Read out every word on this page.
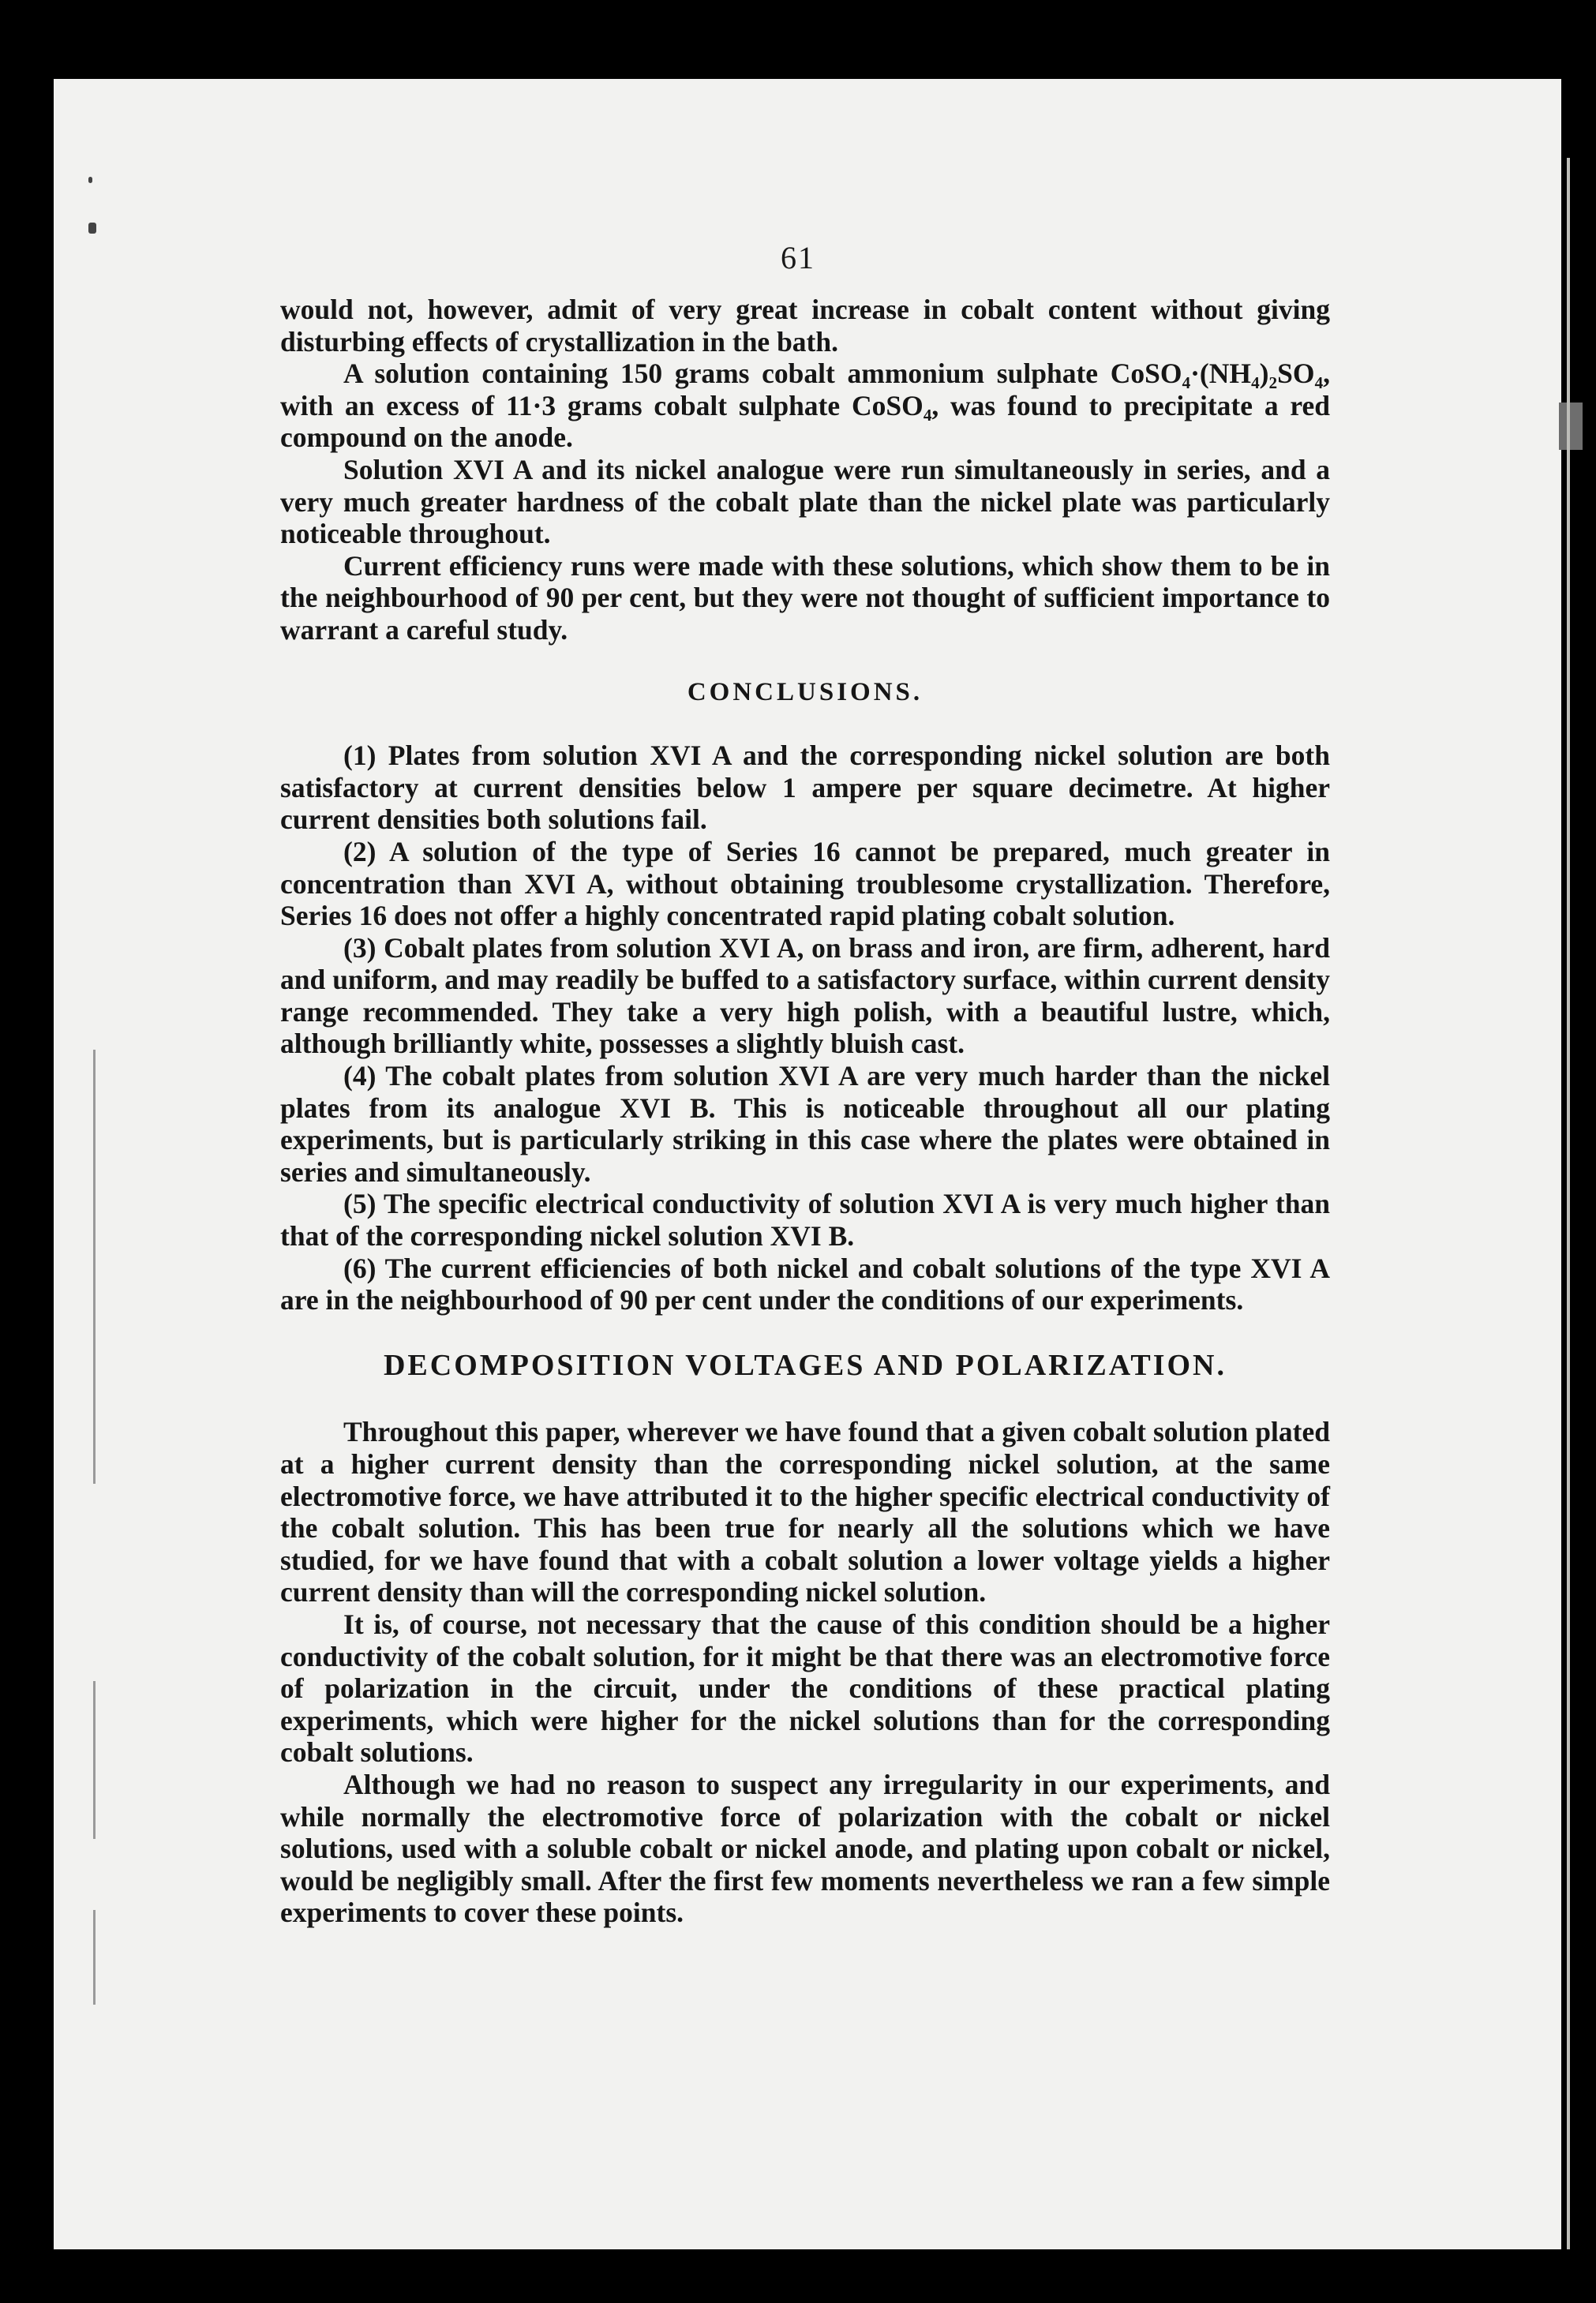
61

would not, however, admit of very great increase in cobalt content without giving disturbing effects of crystallization in the bath.

A solution containing 150 grams cobalt ammonium sulphate CoSO₄·(NH₄)₂SO₄, with an excess of 11·3 grams cobalt sulphate CoSO₄, was found to precipitate a red compound on the anode.

Solution XVI A and its nickel analogue were run simultaneously in series, and a very much greater hardness of the cobalt plate than the nickel plate was particularly noticeable throughout.

Current efficiency runs were made with these solutions, which show them to be in the neighbourhood of 90 per cent, but they were not thought of sufficient importance to warrant a careful study.

CONCLUSIONS.

(1) Plates from solution XVI A and the corresponding nickel solution are both satisfactory at current densities below 1 ampere per square decimetre. At higher current densities both solutions fail.

(2) A solution of the type of Series 16 cannot be prepared, much greater in concentration than XVI A, without obtaining troublesome crystallization. Therefore, Series 16 does not offer a highly concentrated rapid plating cobalt solution.

(3) Cobalt plates from solution XVI A, on brass and iron, are firm, adherent, hard and uniform, and may readily be buffed to a satisfactory surface, within current density range recommended. They take a very high polish, with a beautiful lustre, which, although brilliantly white, possesses a slightly bluish cast.

(4) The cobalt plates from solution XVI A are very much harder than the nickel plates from its analogue XVI B. This is noticeable throughout all our plating experiments, but is particularly striking in this case where the plates were obtained in series and simultaneously.

(5) The specific electrical conductivity of solution XVI A is very much higher than that of the corresponding nickel solution XVI B.

(6) The current efficiencies of both nickel and cobalt solutions of the type XVI A are in the neighbourhood of 90 per cent under the conditions of our experiments.

DECOMPOSITION VOLTAGES AND POLARIZATION.

Throughout this paper, wherever we have found that a given cobalt solution plated at a higher current density than the corresponding nickel solution, at the same electromotive force, we have attributed it to the higher specific electrical conductivity of the cobalt solution. This has been true for nearly all the solutions which we have studied, for we have found that with a cobalt solution a lower voltage yields a higher current density than will the corresponding nickel solution.

It is, of course, not necessary that the cause of this condition should be a higher conductivity of the cobalt solution, for it might be that there was an electromotive force of polarization in the circuit, under the conditions of these practical plating experiments, which were higher for the nickel solutions than for the corresponding cobalt solutions.

Although we had no reason to suspect any irregularity in our experiments, and while normally the electromotive force of polarization with the cobalt or nickel solutions, used with a soluble cobalt or nickel anode, and plating upon cobalt or nickel, would be negligibly small. After the first few moments nevertheless we ran a few simple experiments to cover these points.
